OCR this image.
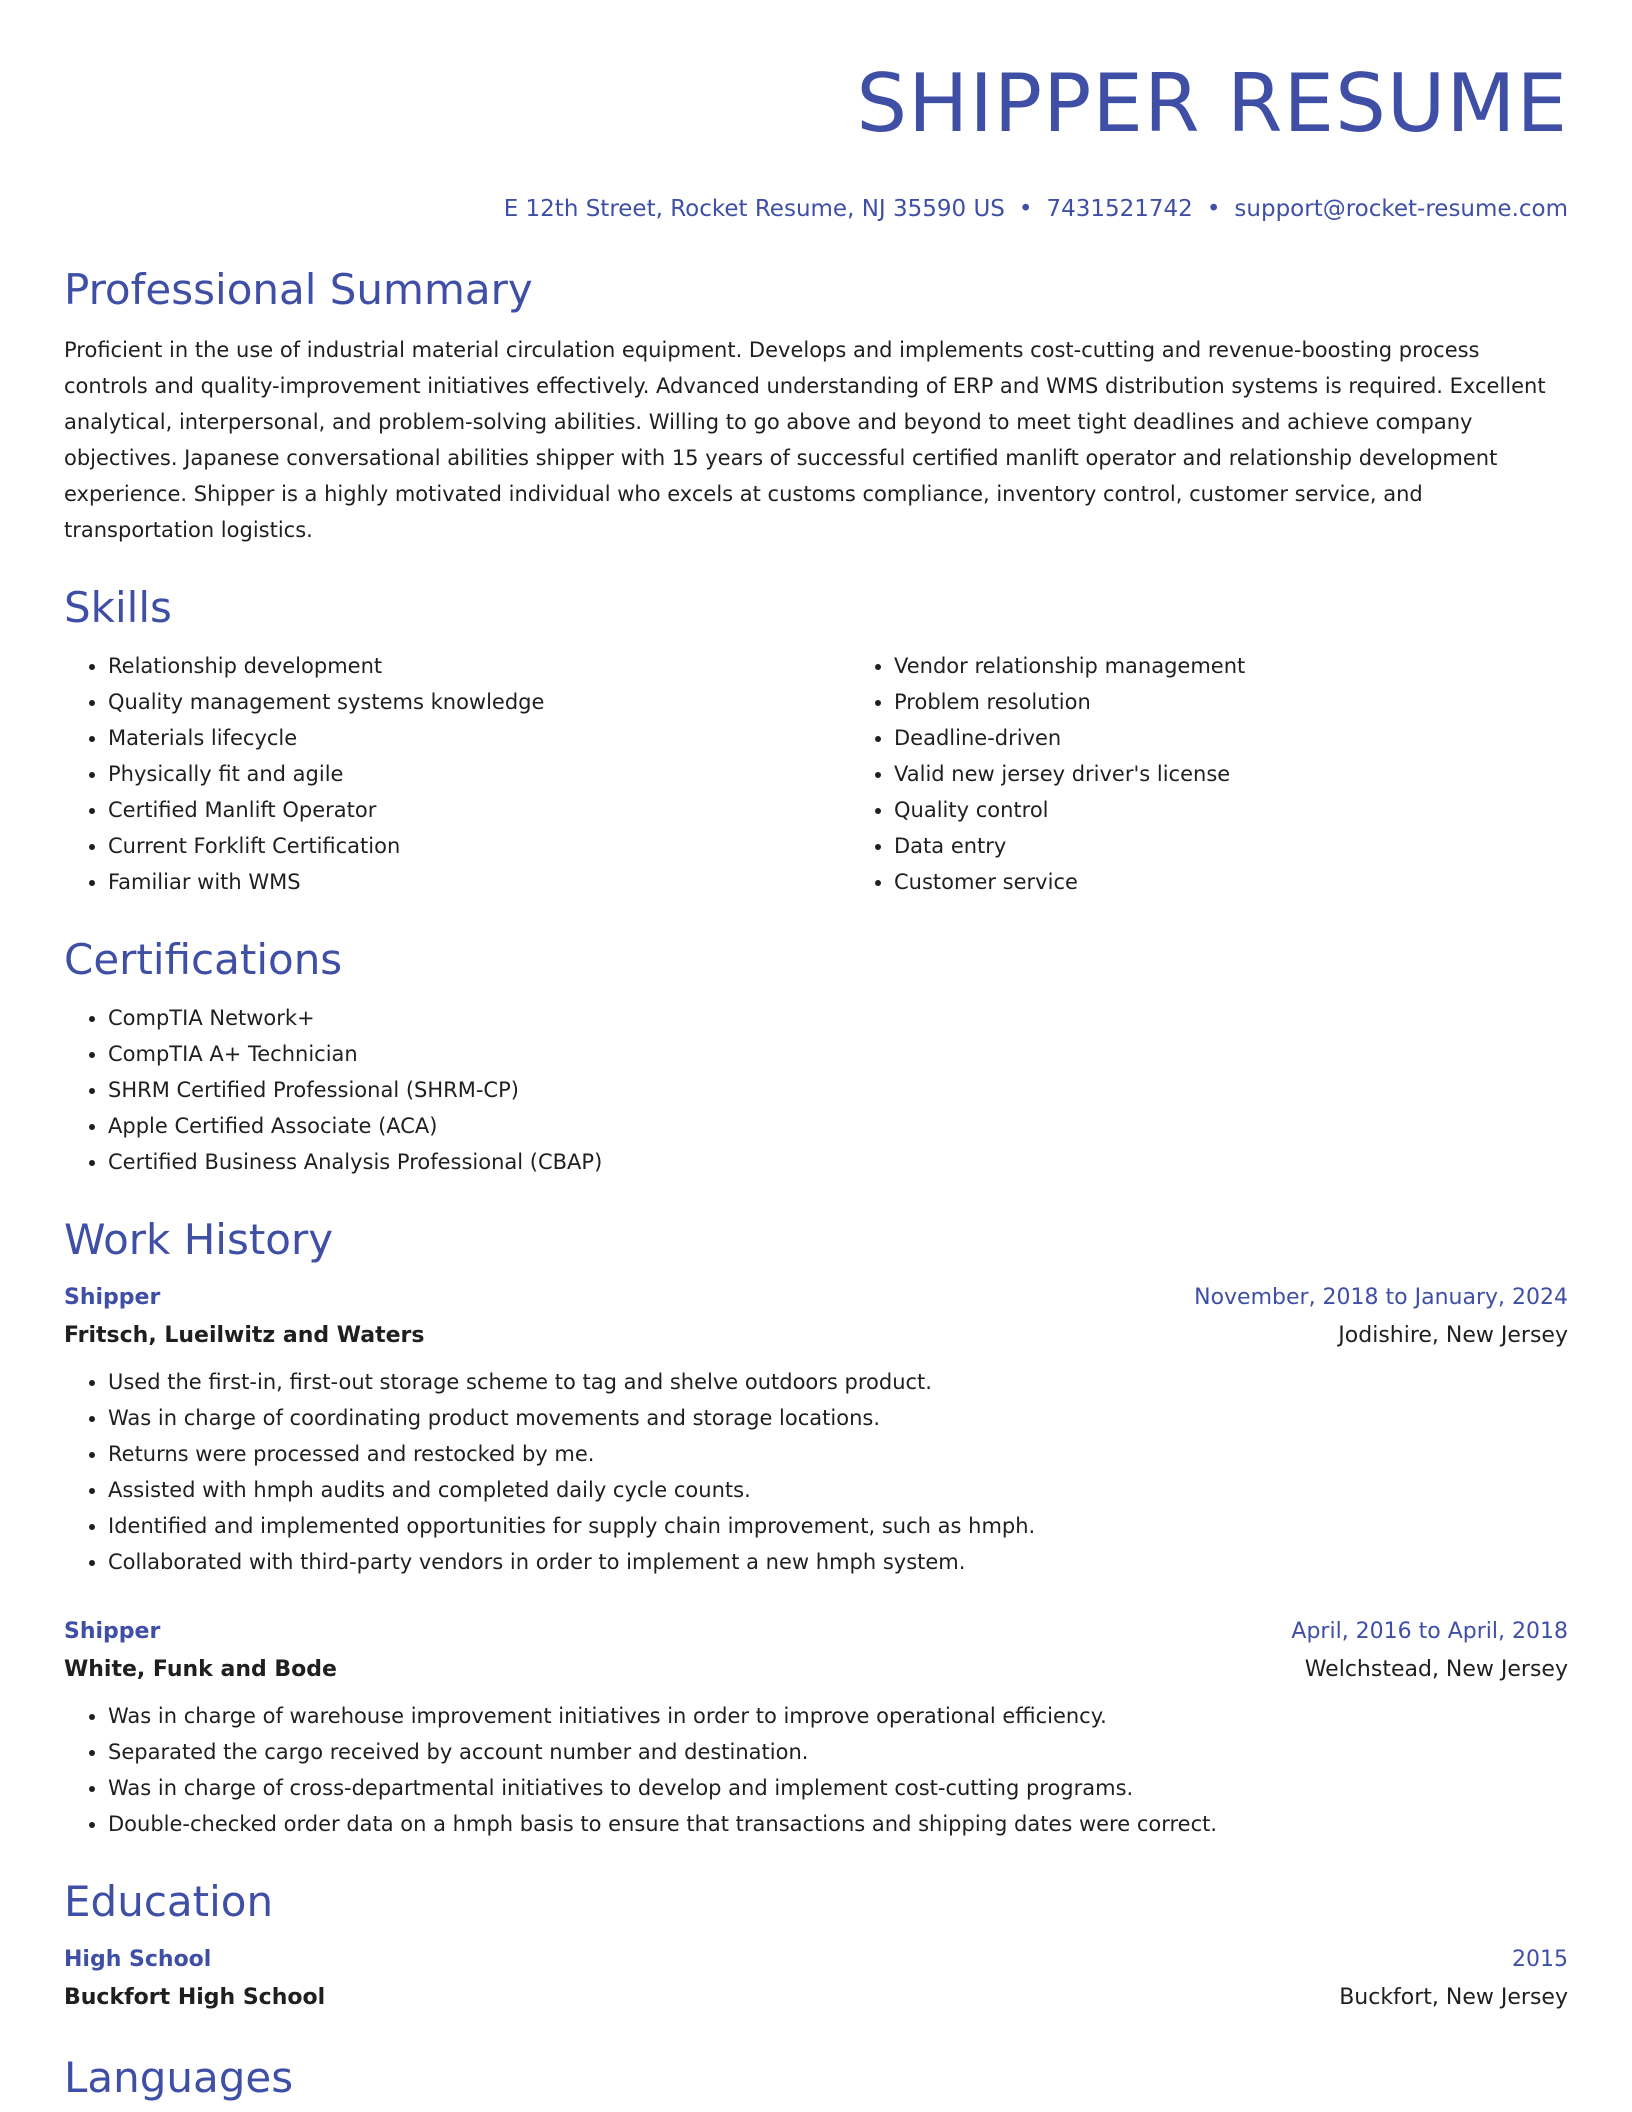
SHIPPER RESUME
E 12th Street, Rocket Resume, NJ 35590 US • 7431521742 • support@rocket-resume.com
Professional Summary
Proficient in the use of industrial material circulation equipment. Develops and implements cost-cutting and revenue-boosting process controls and quality-improvement initiatives effectively. Advanced understanding of ERP and WMS distribution systems is required. Excellent analytical, interpersonal, and problem-solving abilities. Willing to go above and beyond to meet tight deadlines and achieve company objectives. Japanese conversational abilities shipper with 15 years of successful certified manlift operator and relationship development experience. Shipper is a highly motivated individual who excels at customs compliance, inventory control, customer service, and transportation logistics.
Skills
• Relationship development
• Quality management systems knowledge
• Materials lifecycle
• Physically fit and agile
• Certified Manlift Operator
• Current Forklift Certification
• Familiar with WMS
• Vendor relationship management
• Problem resolution
• Deadline-driven
• Valid new jersey driver's license
• Quality control
• Data entry
• Customer service
Certifications
• CompTIA Network+
• CompTIA A+ Technician
• SHRM Certified Professional (SHRM-CP)
• Apple Certified Associate (ACA)
• Certified Business Analysis Professional (CBAP)
Work History
Shipper	November, 2018 to January, 2024
Fritsch, Lueilwitz and Waters	Jodishire, New Jersey
• Used the first-in, first-out storage scheme to tag and shelve outdoors product.
• Was in charge of coordinating product movements and storage locations.
• Returns were processed and restocked by me.
• Assisted with hmph audits and completed daily cycle counts.
• Identified and implemented opportunities for supply chain improvement, such as hmph.
• Collaborated with third-party vendors in order to implement a new hmph system.
Shipper	April, 2016 to April, 2018
White, Funk and Bode	Welchstead, New Jersey
• Was in charge of warehouse improvement initiatives in order to improve operational efficiency.
• Separated the cargo received by account number and destination.
• Was in charge of cross-departmental initiatives to develop and implement cost-cutting programs.
• Double-checked order data on a hmph basis to ensure that transactions and shipping dates were correct.
Education
High School	2015
Buckfort High School	Buckfort, New Jersey
Languages
